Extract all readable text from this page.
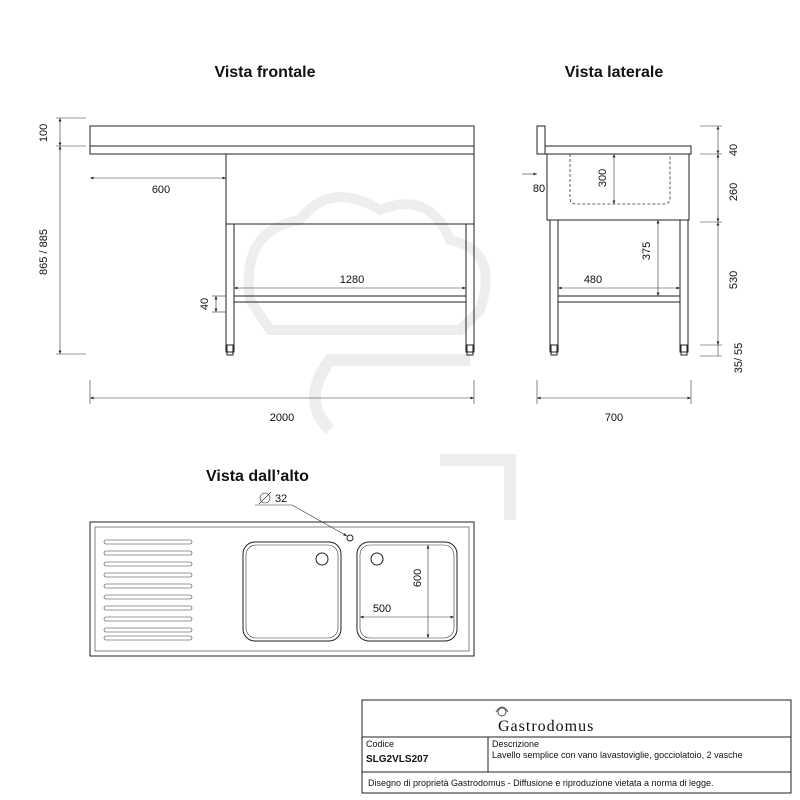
Vista frontale	Vista laterale
Vista dall’alto
100
865 / 885
600
1280
40
2000
300
80
375
480
40
260
530
35/ 55
700
32
600
500
Gastrodomus
Codice
SLG2VLS207
Descrizione
Lavello semplice con vano lavastoviglie, gocciolatoio, 2 vasche
Disegno di proprietà Gastrodomus - Diffusione e riproduzione vietata a norma di legge.
